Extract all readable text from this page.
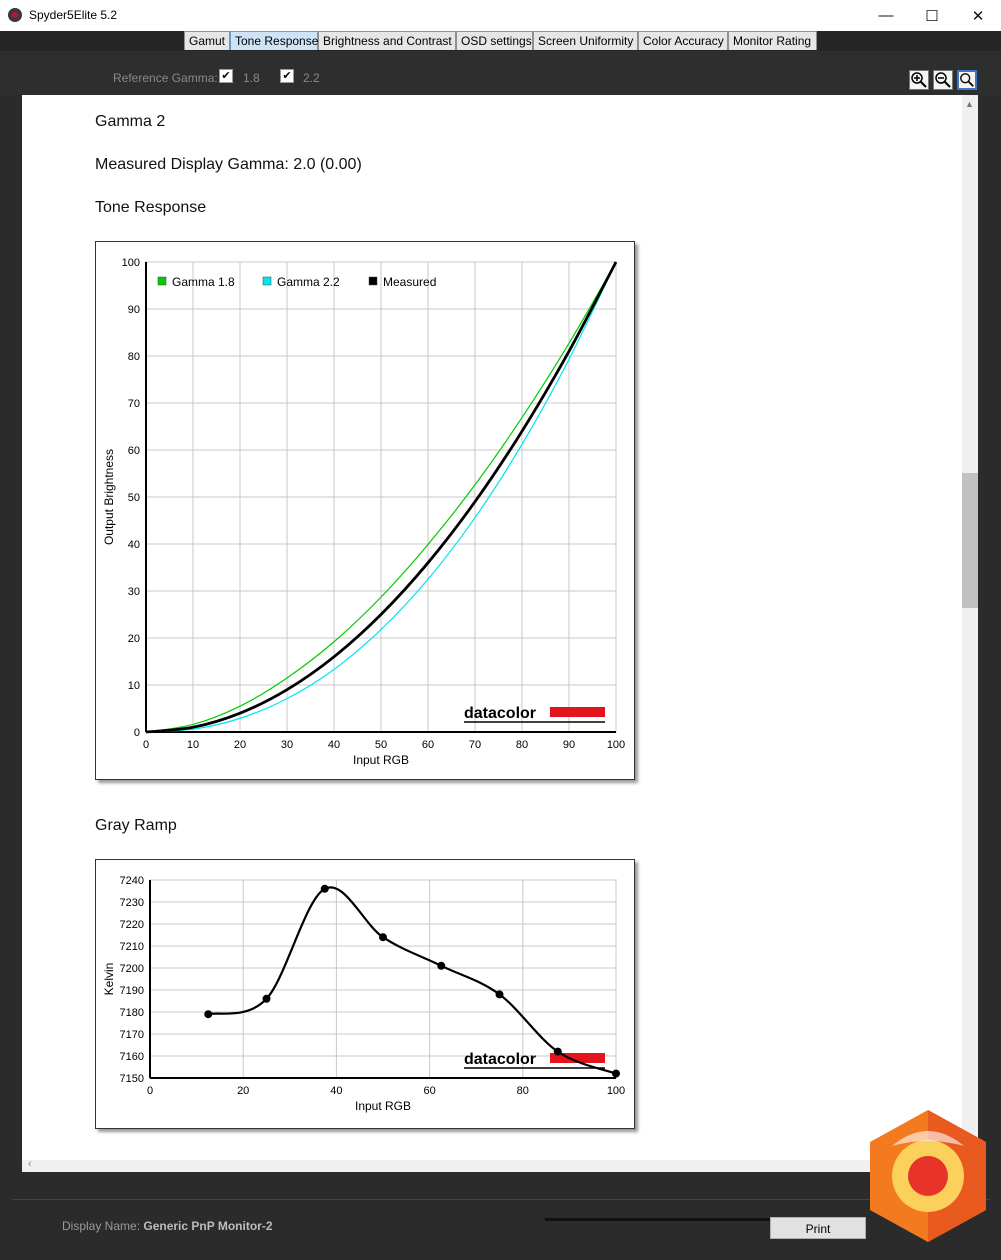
Spyder5Elite 5.2	—	☐	✕
Gamut Tone Response Brightness and Contrast OSD settings Screen Uniformity Color Accuracy Monitor Rating
Reference Gamma: ✔ 1.8 ✔ 2.2
Gamma 2
Measured Display Gamma: 2.0 (0.00)
Tone Response
0	10	20	30	40	50	60	70	80	90	100
0
10
20
30
40
50
60
70
80
90
100
Input RGB
Output Brightness
datacolor
Gamma 1.8	Gamma 2.2	Measured
Gray Ramp
0	20	40	60	80	100
7150
7160
7170
7180
7190
7200
7210
7220
7230
7240
Input RGB
Kelvin
datacolor
▲
‹
Display Name: Generic PnP Monitor-2	Print
